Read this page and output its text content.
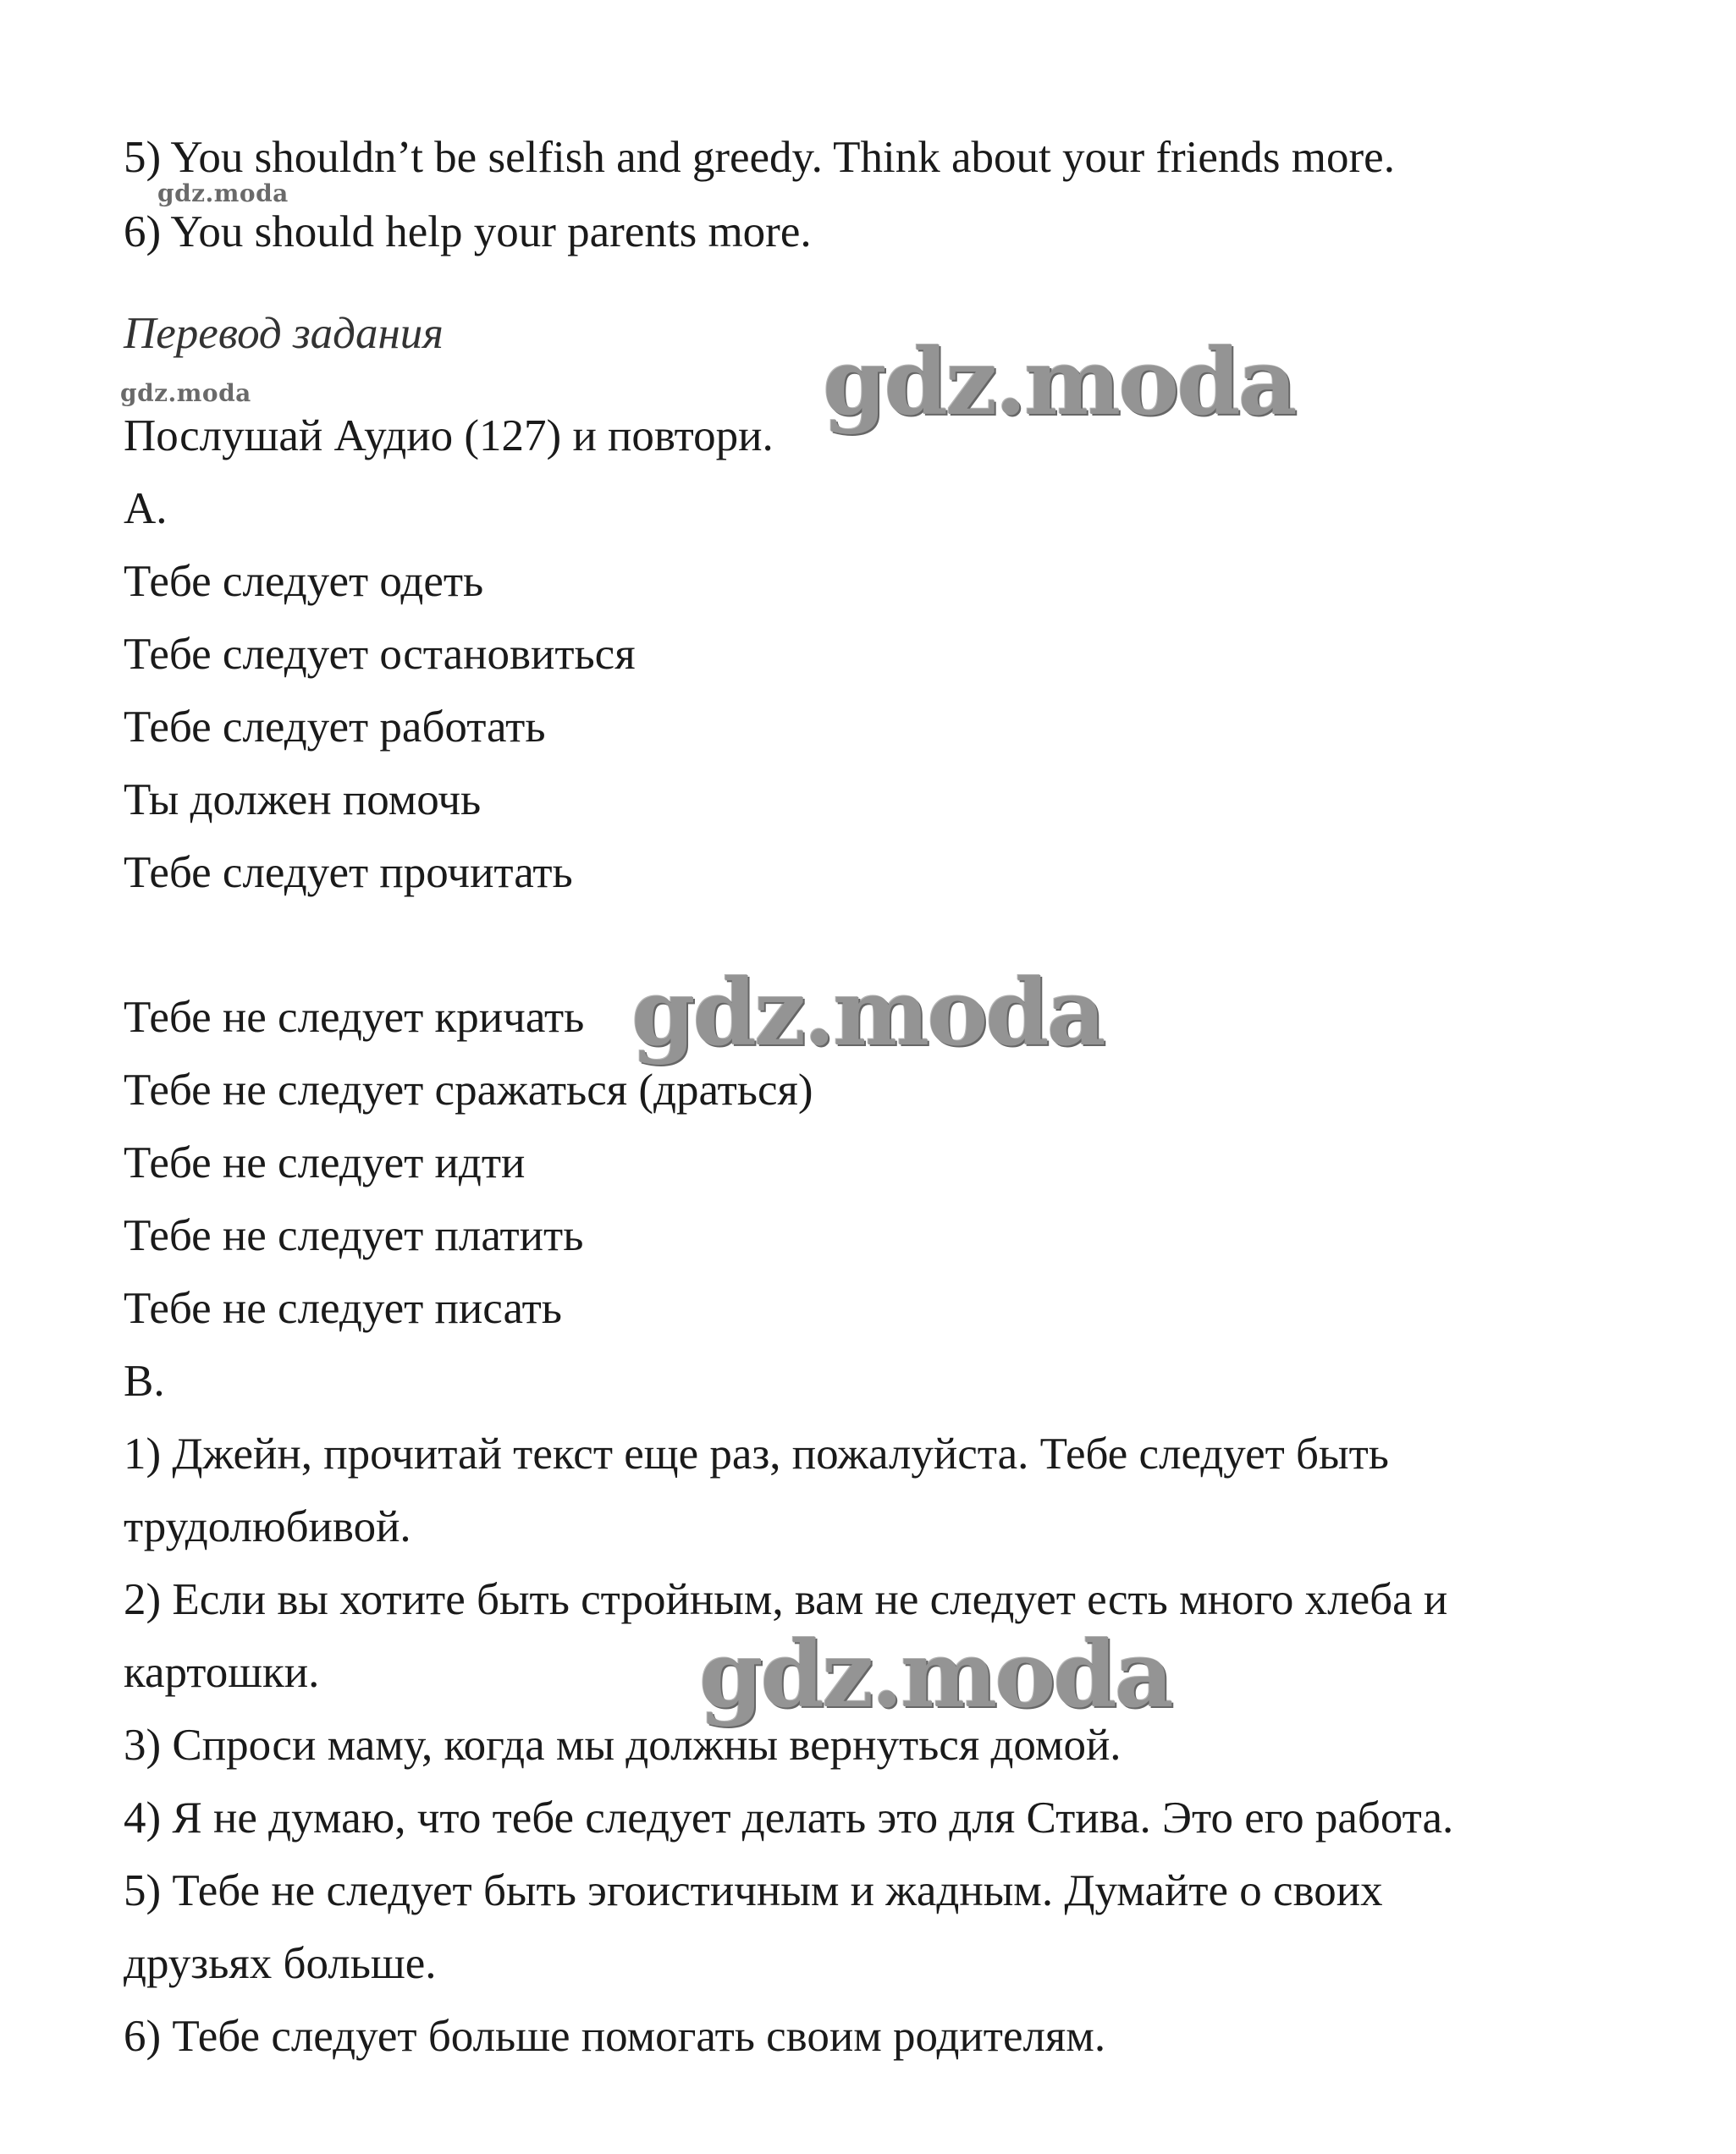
5) You shouldn’t be selfish and greedy. Think about your friends more.
gdz.moda
6) You should help your parents more.
Перевод задания	gdz.moda
gdz.moda
Послушай Аудио (127) и повтори.
A.
Тебе следует одеть
Тебе следует остановиться
Тебе следует работать
Ты должен помочь
Тебе следует прочитать
Тебе не следует кричать gdz.moda
Тебе не следует сражаться (драться)
Тебе не следует идти
Тебе не следует платить
Тебе не следует писать
B.
1) Джейн, прочитай текст еще раз, пожалуйста. Тебе следует быть
трудолюбивой.
2) Если вы хотите быть стройным, вам не следует есть много хлеба и
картошки.	gdz.moda
3) Спроси маму, когда мы должны вернуться домой.
4) Я не думаю, что тебе следует делать это для Стива. Это его работа.
5) Тебе не следует быть эгоистичным и жадным. Думайте о своих
друзьях больше.
6) Тебе следует больше помогать своим родителям.
